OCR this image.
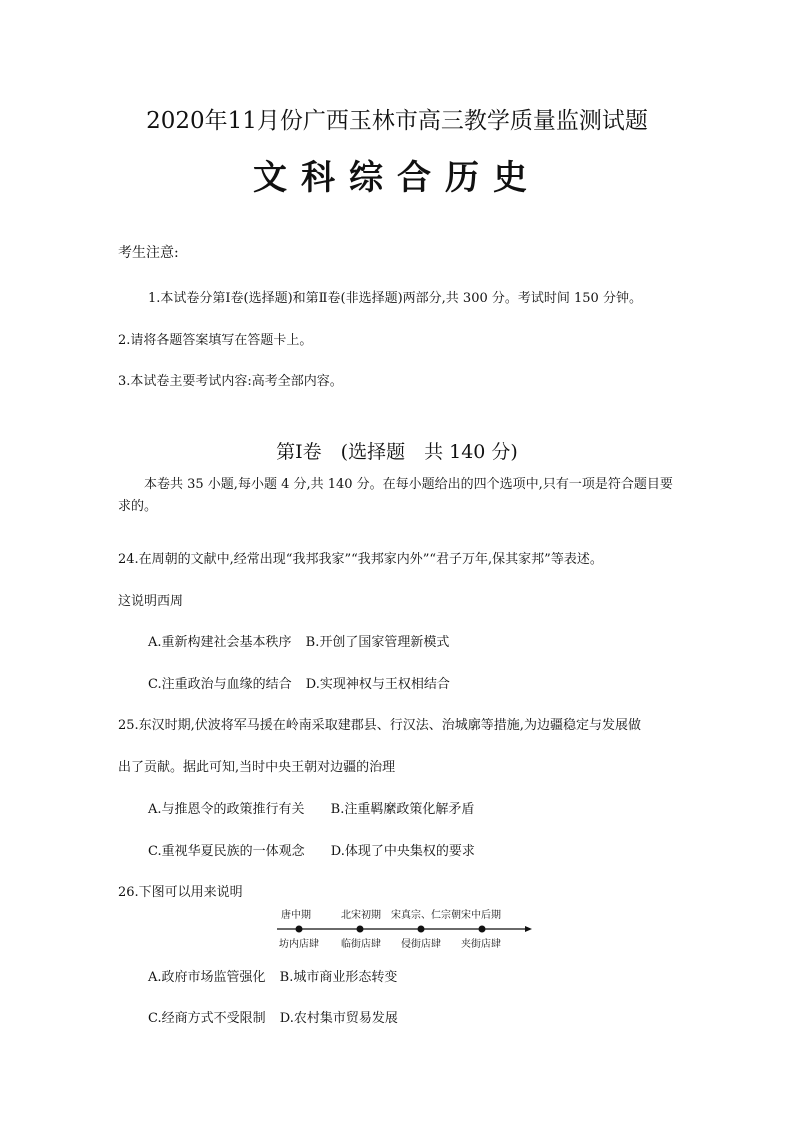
2020年11月份广西玉林市高三教学质量监测试题
文科综合历史
考生注意:
1.本试卷分第Ⅰ卷(选择题)和第Ⅱ卷(非选择题)两部分,共 300 分。考试时间 150 分钟。
2.请将各题答案填写在答题卡上。
3.本试卷主要考试内容:高考全部内容。
第Ⅰ卷　(选择题　共 140 分)
本卷共 35 小题,每小题 4 分,共 140 分。在每小题给出的四个选项中,只有一项是符合题目要求的。
24.在周朝的文献中,经常出现“我邦我家”“我邦家内外”“君子万年,保其家邦”等表述。
这说明西周
A.重新构建社会基本秩序 B.开创了国家管理新模式
C.注重政治与血缘的结合 D.实现神权与王权相结合
25.东汉时期,伏波将军马援在岭南采取建郡县、行汉法、治城廓等措施,为边疆稳定与发展做
出了贡献。据此可知,当时中央王朝对边疆的治理
A.与推恩令的政策推行有关 B.注重羁縻政策化解矛盾
C.重视华夏民族的一体观念 D.体现了中央集权的要求
26.下图可以用来说明
唐中期	北宋初期 宋真宗、仁宗朝 宋中后期
坊内店肆 临街店肆 侵街店肆 夹街店肆
A.政府市场监管强化 B.城市商业形态转变
C.经商方式不受限制 D.农村集市贸易发展
